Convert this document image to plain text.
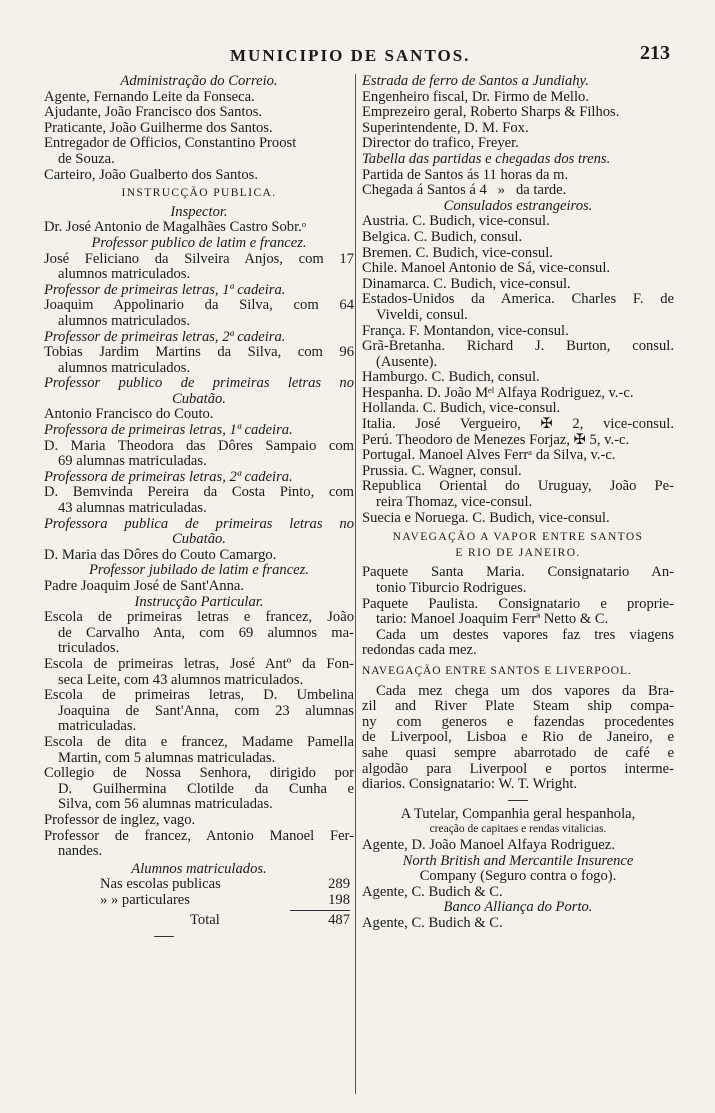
MUNICIPIO DE SANTOS.	213
Administração do Correio.
Agente, Fernando Leite da Fonseca.
Ajudante, João Francisco dos Santos.
Praticante, João Guilherme dos Santos.
Entregador de Officios, Constantino Proost
de Souza.
Carteiro, João Gualberto dos Santos.
INSTRUCÇÃO PUBLICA.
Inspector.
Dr. José Antonio de Magalhães Castro Sobr.ᵒ
Professor publico de latim e francez.
José Feliciano da Silveira Anjos, com 17
alumnos matriculados.
Professor de primeiras letras, 1ª cadeira.
Joaquim Appolinario da Silva, com 64
alumnos matriculados.
Professor de primeiras letras, 2ª cadeira.
Tobias Jardim Martins da Silva, com 96
alumnos matriculados.
Professor publico de primeiras letras no
Cubatão.
Antonio Francisco do Couto.
Professora de primeiras letras, 1ª cadeira.
D. Maria Theodora das Dôres Sampaio com
69 alumnas matriculadas.
Professora de primeiras letras, 2ª cadeira.
D. Bemvinda Pereira da Costa Pinto, com
43 alumnas matriculadas.
Professora publica de primeiras letras no
Cubatão.
D. Maria das Dôres do Couto Camargo.
Professor jubilado de latim e francez.
Padre Joaquim José de Sant'Anna.
Instrucção Particular.
Escola de primeiras letras e francez, João
de Carvalho Anta, com 69 alumnos ma-
triculados.
Escola de primeiras letras, José Antº da Fon-
seca Leite, com 43 alumnos matriculados.
Escola de primeiras letras, D. Umbelina
Joaquina de Sant'Anna, com 23 alumnas
matriculadas.
Escola de dita e francez, Madame Pamella
Martin, com 5 alumnas matriculadas.
Collegio de Nossa Senhora, dirigido por
D. Guilhermina Clotilde da Cunha e
Silva, com 56 alumnas matriculadas.
Professor de inglez, vago.
Professor de francez, Antonio Manoel Fer-
nandes.
Alumnos matriculados.
Nas escolas publicas	289
» » particulares	198
Total	487
Estrada de ferro de Santos a Jundiahy.
Engenheiro fiscal, Dr. Firmo de Mello.
Emprezeiro geral, Roberto Sharps & Filhos.
Superintendente, D. M. Fox.
Director do trafico, Freyer.
Tabella das partidas e chegadas dos trens.
Partida de Santos ás 11 horas da m.
Chegada á Santos á 4   »   da tarde.
Consulados estrangeiros.
Austria. C. Budich, vice-consul.
Belgica. C. Budich, consul.
Bremen. C. Budich, vice-consul.
Chile. Manoel Antonio de Sá, vice-consul.
Dinamarca. C. Budich, vice-consul.
Estados-Unidos da America. Charles F. de
Viveldi, consul.
França. F. Montandon, vice-consul.
Grã-Bretanha. Richard J. Burton, consul.
(Ausente).
Hamburgo. C. Budich, consul.
Hespanha. D. João Mᵉˡ Alfaya Rodriguez, v.-c.
Hollanda. C. Budich, vice-consul.
Italia. José Vergueiro, ✠ 2, vice-consul.
Perú. Theodoro de Menezes Forjaz, ✠ 5, v.-c.
Portugal. Manoel Alves Ferrᵃ da Silva, v.-c.
Prussia. C. Wagner, consul.
Republica Oriental do Uruguay, João Pe-
reira Thomaz, vice-consul.
Suecia e Noruega. C. Budich, vice-consul.
NAVEGAÇÃO A VAPOR ENTRE SANTOS
E RIO DE JANEIRO.
Paquete Santa Maria. Consignatario An-
tonio Tiburcio Rodrigues.
Paquete Paulista. Consignatario e proprie-
tario: Manoel Joaquim Ferrª Netto & C.
Cada um destes vapores faz tres viagens
redondas cada mez.
NAVEGAÇÃO ENTRE SANTOS E LIVERPOOL.
Cada mez chega um dos vapores da Bra-
zil and River Plate Steam ship compa-
ny com generos e fazendas procedentes
de Liverpool, Lisboa e Rio de Janeiro, e
sahe quasi sempre abarrotado de café e
algodão para Liverpool e portos interme-
diarios. Consignatario: W. T. Wright.
A Tutelar, Companhia geral hespanhola,
creação de capitaes e rendas vitalicias.
Agente, D. João Manoel Alfaya Rodriguez.
North British and Mercantile Insurence
Company (Seguro contra o fogo).
Agente, C. Budich & C.
Banco Alliança do Porto.
Agente, C. Budich & C.
